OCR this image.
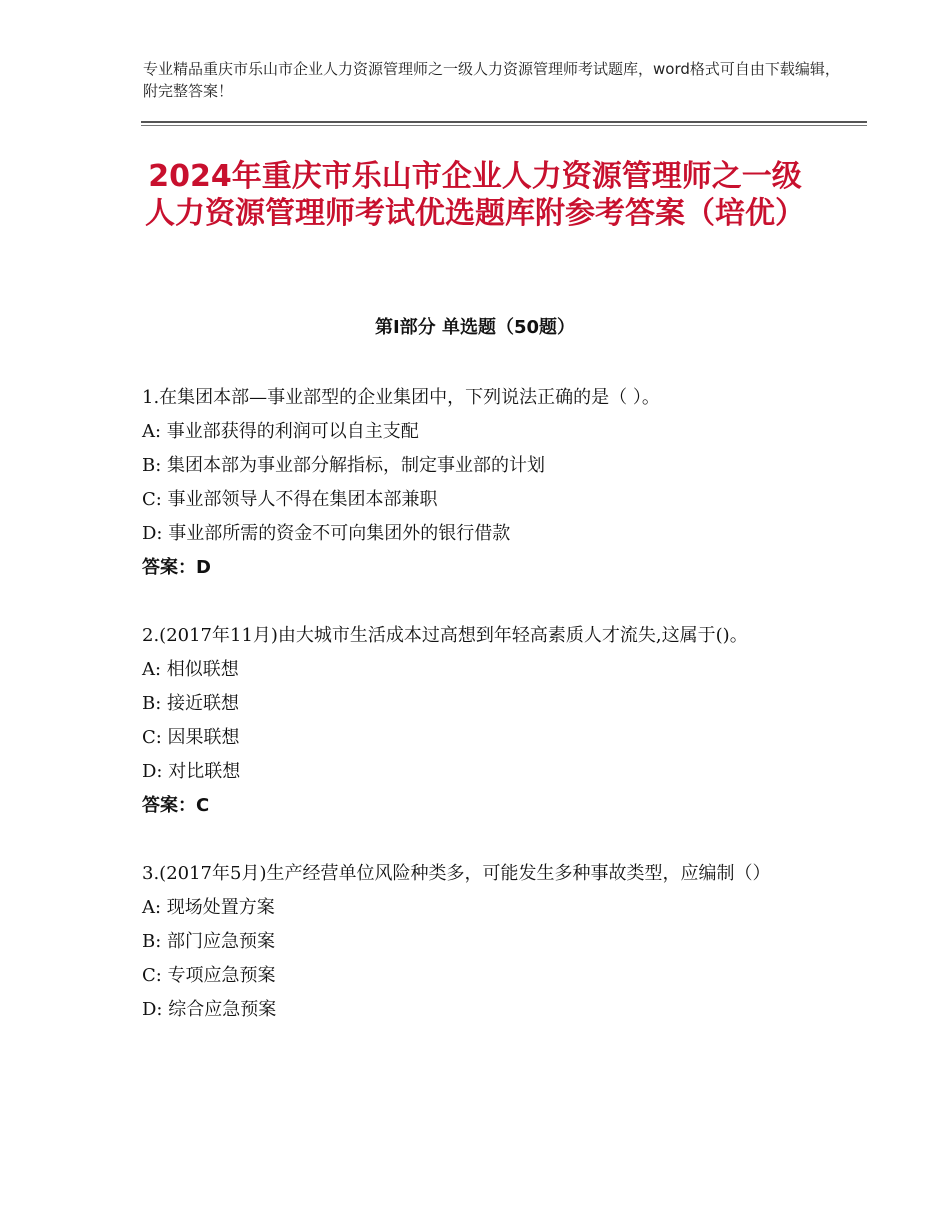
专业精品重庆市乐山市企业人力资源管理师之一级人力资源管理师考试题库，word格式可自由下载编辑，附完整答案！
2024年重庆市乐山市企业人力资源管理师之一级人力资源管理师考试优选题库附参考答案（培优）
第Ⅰ部分 单选题（50题）

1.在集团本部—事业部型的企业集团中，下列说法正确的是（ ）。

A: 事业部获得的利润可以自主支配

B: 集团本部为事业部分解指标，制定事业部的计划

C: 事业部领导人不得在集团本部兼职

D: 事业部所需的资金不可向集团外的银行借款

答案：D

2.(2017年11月)由大城市生活成本过高想到年轻高素质人才流失,这属于()。

A: 相似联想

B: 接近联想

C: 因果联想

D: 对比联想

答案：C

3.(2017年5月)生产经营单位风险种类多，可能发生多种事故类型，应编制（）

A: 现场处置方案

B: 部门应急预案

C: 专项应急预案

D: 综合应急预案
